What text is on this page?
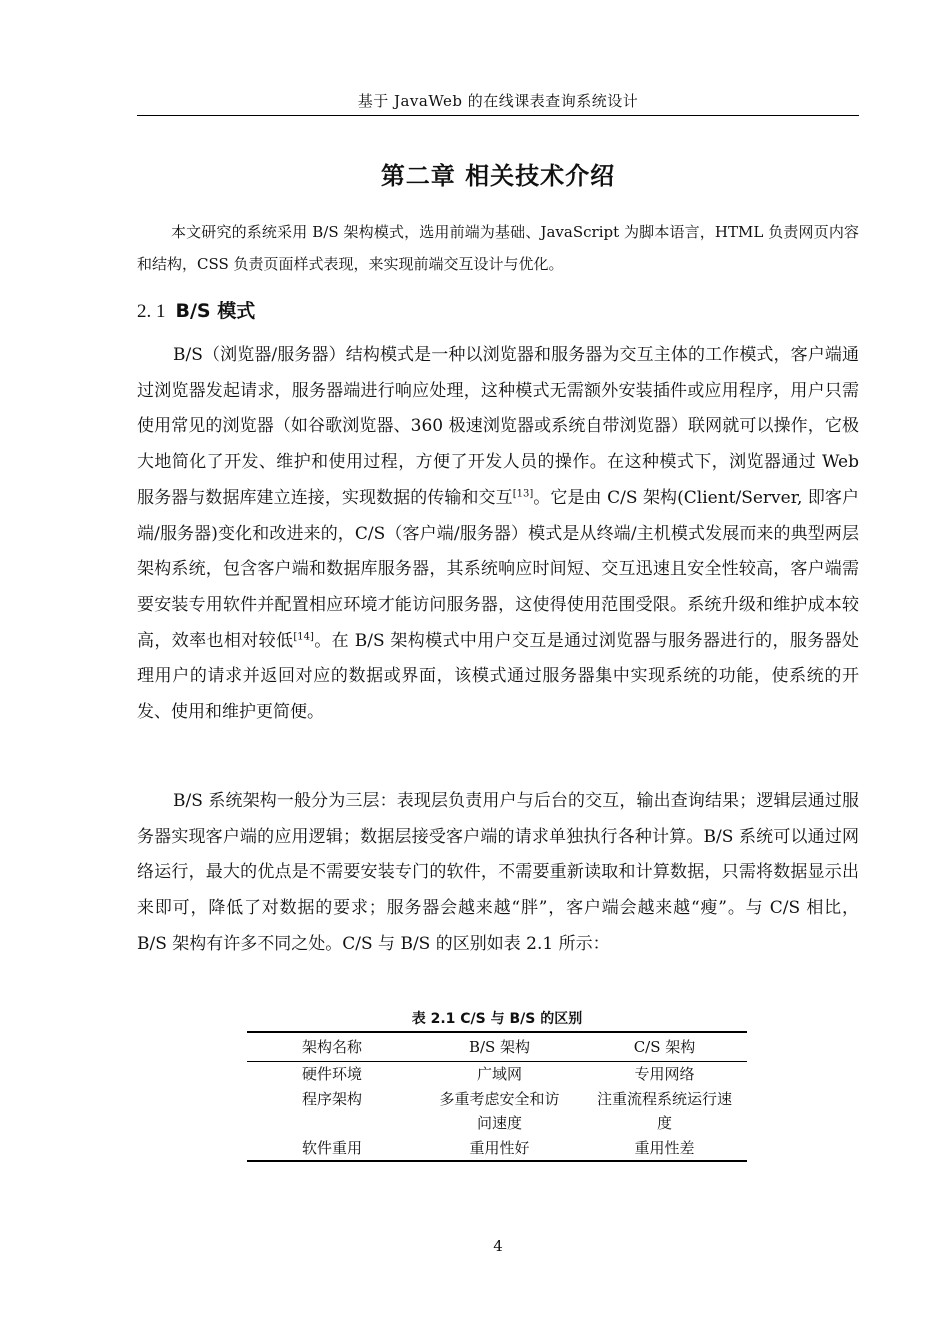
基于 JavaWeb 的在线课表查询系统设计
第二章 相关技术介绍

本文研究的系统采用 B/S 架构模式，选用前端为基础、JavaScript 为脚本语言，HTML 负责网页内容和结构，CSS 负责页面样式表现，来实现前端交互设计与优化。

2. 1 B/S 模式

B/S（浏览器/服务器）结构模式是一种以浏览器和服务器为交互主体的工作模式，客户端通过浏览器发起请求，服务器端进行响应处理，这种模式无需额外安装插件或应用程序，用户只需使用常见的浏览器（如谷歌浏览器、360 极速浏览器或系统自带浏览器）联网就可以操作，它极大地简化了开发、维护和使用过程，方便了开发人员的操作。在这种模式下，浏览器通过 Web 服务器与数据库建立连接，实现数据的传输和交互[13]。它是由 C/S 架构(Client/Server, 即客户端/服务器)变化和改进来的，C/S（客户端/服务器）模式是从终端/主机模式发展而来的典型两层架构系统，包含客户端和数据库服务器，其系统响应时间短、交互迅速且安全性较高，客户端需要安装专用软件并配置相应环境才能访问服务器，这使得使用范围受限。系统升级和维护成本较高，效率也相对较低[14]。在 B/S 架构模式中用户交互是通过浏览器与服务器进行的，服务器处理用户的请求并返回对应的数据或界面，该模式通过服务器集中实现系统的功能，使系统的开发、使用和维护更简便。

B/S 系统架构一般分为三层：表现层负责用户与后台的交互，输出查询结果；逻辑层通过服务器实现客户端的应用逻辑；数据层接受客户端的请求单独执行各种计算。B/S 系统可以通过网络运行，最大的优点是不需要安装专门的软件，不需要重新读取和计算数据，只需将数据显示出来即可，降低了对数据的要求；服务器会越来越“胖”，客户端会越来越“瘦”。与 C/S 相比， B/S 架构有许多不同之处。C/S 与 B/S 的区别如表 2.1 所示：

表 2.1 C/S 与 B/S 的区别
架构名称	B/S 架构	C/S 架构
硬件环境	广域网	专用网络
程序架构	多重考虑安全和访问速度	注重流程系统运行速度

软件重用	重用性好	重用性差
4
